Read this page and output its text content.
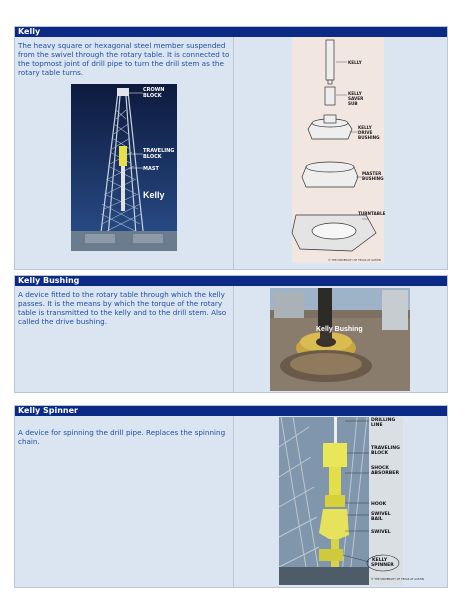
Kelly

The heavy square or hexagonal steel member suspended from the swivel through the rotary table. It is connected to the topmost joint of drill pipe to turn the drill stem as the rotary table turns.

CROWN
BLOCK
TRAVELING
BLOCK
MAST
Kelly
KELLY
KELLY
SAVER
SUB
KELLY
DRIVE
BUSHING
MASTER
BUSHING
TURNTABLE
© THE UNIVERSITY OF TEXAS AT AUSTIN
Kelly Bushing

A device fitted to the rotary table through which the kelly passes. It is the means by which the torque of the rotary table is transmitted to the kelly and to the drill stem. Also called the drive bushing.

Kelly Bushing
Kelly Spinner

A device for spinning the drill pipe. Replaces the spinning chain.

DRILLING
LINE
TRAVELING
BLOCK
SHOCK
ABSORBER
HOOK
SWIVEL
BAIL
SWIVEL
KELLY
SPINNER
© THE UNIVERSITY OF TEXAS AT AUSTIN
